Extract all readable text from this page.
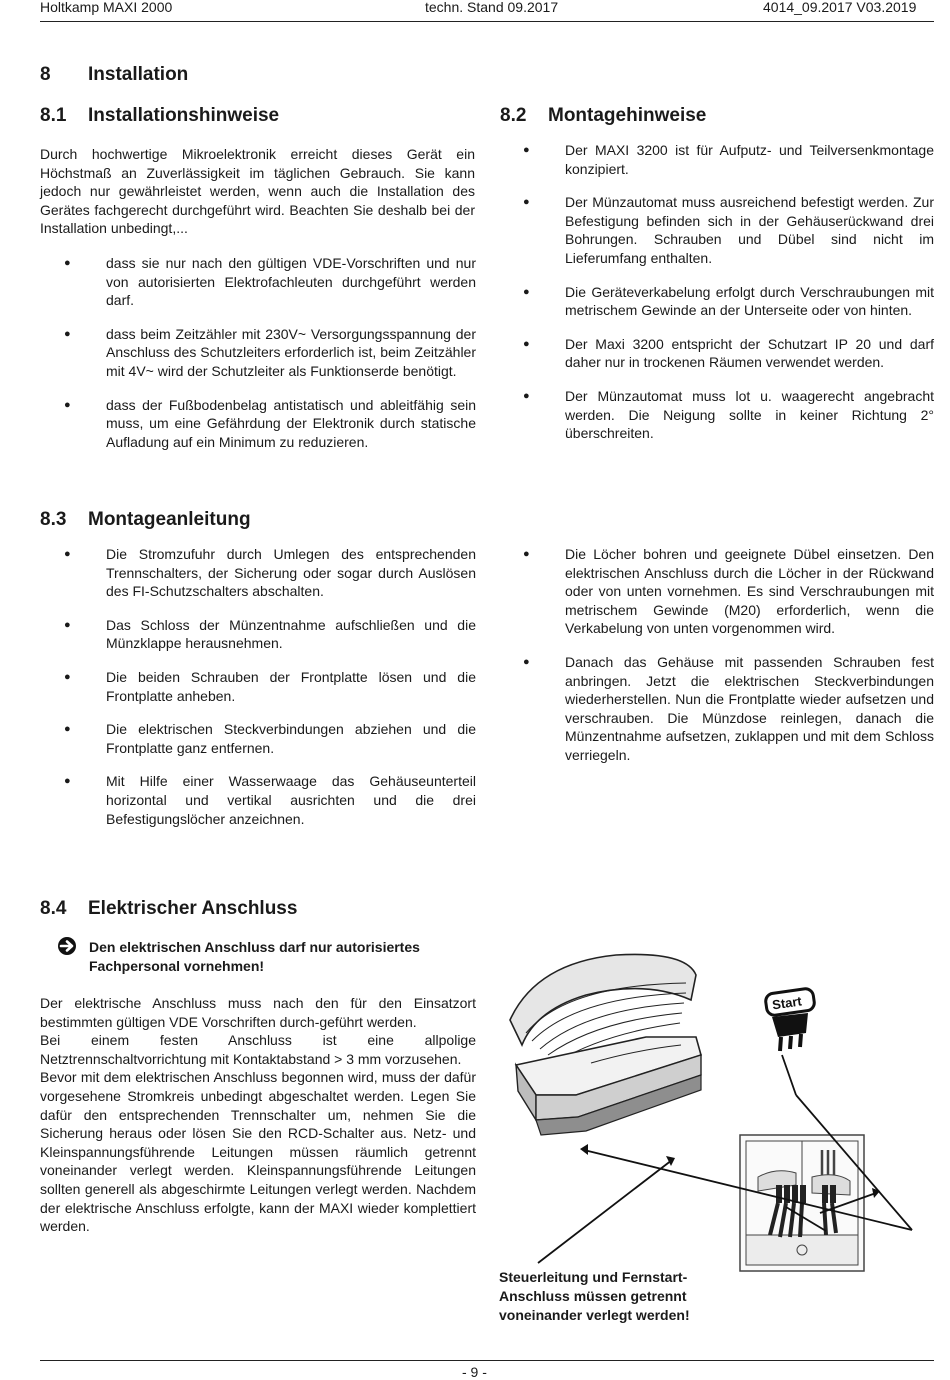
Holtkamp MAXI 2000	techn. Stand 09.2017	4014_09.2017 V03.2019
8 Installation
8.1 Installationshinweise
Durch hochwertige Mikroelektronik erreicht dieses Gerät ein Höchstmaß an Zuverlässigkeit im täglichen Gebrauch. Sie kann jedoch nur gewährleistet werden, wenn auch die Installation des Gerätes fachgerecht durchgeführt wird. Beachten Sie deshalb bei der Installation unbedingt,...
● dass sie nur nach den gültigen VDE-Vorschriften und nur von autorisierten Elektrofachleuten durchgeführt werden darf.
● dass beim Zeitzähler mit 230V~ Versorgungsspannung der Anschluss des Schutzleiters erforderlich ist, beim Zeitzähler mit 4V~ wird der Schutzleiter als Funktionserde benötigt.
● dass der Fußbodenbelag antistatisch und ableitfähig sein muss, um eine Gefährdung der Elektronik durch statische Aufladung auf ein Minimum zu reduzieren.
8.2 Montagehinweise
● Der MAXI 3200 ist für Aufputz- und Teilversenkmontage konzipiert.
● Der Münzautomat muss ausreichend befestigt werden. Zur Befestigung befinden sich in der Gehäuserückwand drei Bohrungen. Schrauben und Dübel sind nicht im Lieferumfang enthalten.
● Die Geräteverkabelung erfolgt durch Verschraubungen mit metrischem Gewinde an der Unterseite oder von hinten.
● Der Maxi 3200 entspricht der Schutzart IP 20 und darf daher nur in trockenen Räumen verwendet werden.
● Der Münzautomat muss lot u. waagerecht angebracht werden. Die Neigung sollte in keiner Richtung 2° überschreiten.
8.3 Montageanleitung
● Die Stromzufuhr durch Umlegen des entsprechenden Trennschalters, der Sicherung oder sogar durch Auslösen des FI-Schutzschalters abschalten.
● Das Schloss der Münzentnahme aufschließen und die Münzklappe herausnehmen.
● Die beiden Schrauben der Frontplatte lösen und die Frontplatte anheben.
● Die elektrischen Steckverbindungen abziehen und die Frontplatte ganz entfernen.
● Mit Hilfe einer Wasserwaage das Gehäuseunterteil horizontal und vertikal ausrichten und die drei Befestigungslöcher anzeichnen.
● Die Löcher bohren und geeignete Dübel einsetzen. Den elektrischen Anschluss durch die Löcher in der Rückwand oder von unten vornehmen. Es sind Verschraubungen mit metrischem Gewinde (M20) erforderlich, wenn die Verkabelung von unten vorgenommen wird.
● Danach das Gehäuse mit passenden Schrauben fest anbringen. Jetzt die elektrischen Steckverbindungen wiederherstellen. Nun die Frontplatte wieder aufsetzen und verschrauben. Die Münzdose reinlegen, danach die Münzentnahme aufsetzen, zuklappen und mit dem Schloss verriegeln.
8.4 Elektrischer Anschluss
Den elektrischen Anschluss darf nur autorisiertes Fachpersonal vornehmen!
Der elektrische Anschluss muss nach den für den Einsatzort bestimmten gültigen VDE Vorschriften durch-geführt werden.
Bei einem festen Anschluss ist eine allpolige Netztrennschaltvorrichtung mit Kontaktabstand > 3 mm vorzusehen.
Bevor mit dem elektrischen Anschluss begonnen wird, muss der dafür vorgesehene Stromkreis unbedingt abgeschaltet werden. Legen Sie dafür den entsprechenden Trennschalter um, nehmen Sie die Sicherung heraus oder lösen Sie den RCD-Schalter aus. Netz- und Kleinspannungsführende Leitungen müssen räumlich getrennt voneinander verlegt werden. Kleinspannungsführende Leitungen sollten generell als abgeschirmte Leitungen verlegt werden. Nachdem der elektrische Anschluss erfolgte, kann der MAXI wieder komplettiert werden.
Start
Steuerleitung und Fernstart-Anschluss müssen getrennt voneinander verlegt werden!
- 9 -
